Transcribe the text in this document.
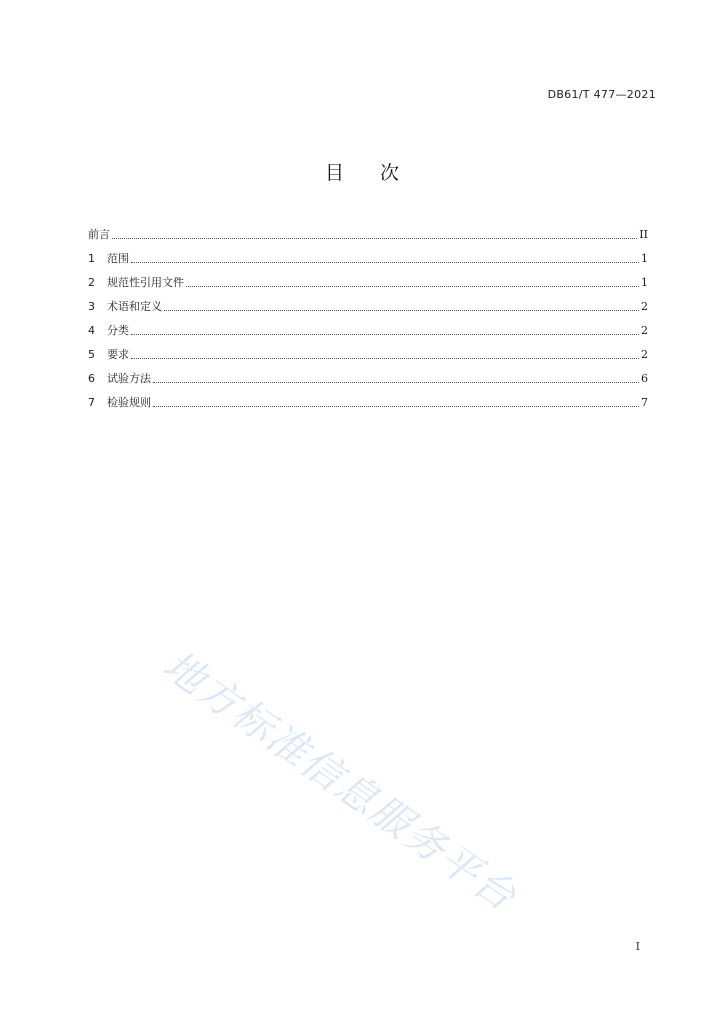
DB61/T 477—2021
目 次
前言	II
1	范围	1
2	规范性引用文件	1
3	术语和定义	2
4	分类	2
5	要求	2
6	试验方法	6
7	检验规则	7
地方标准信息服务平台
I
